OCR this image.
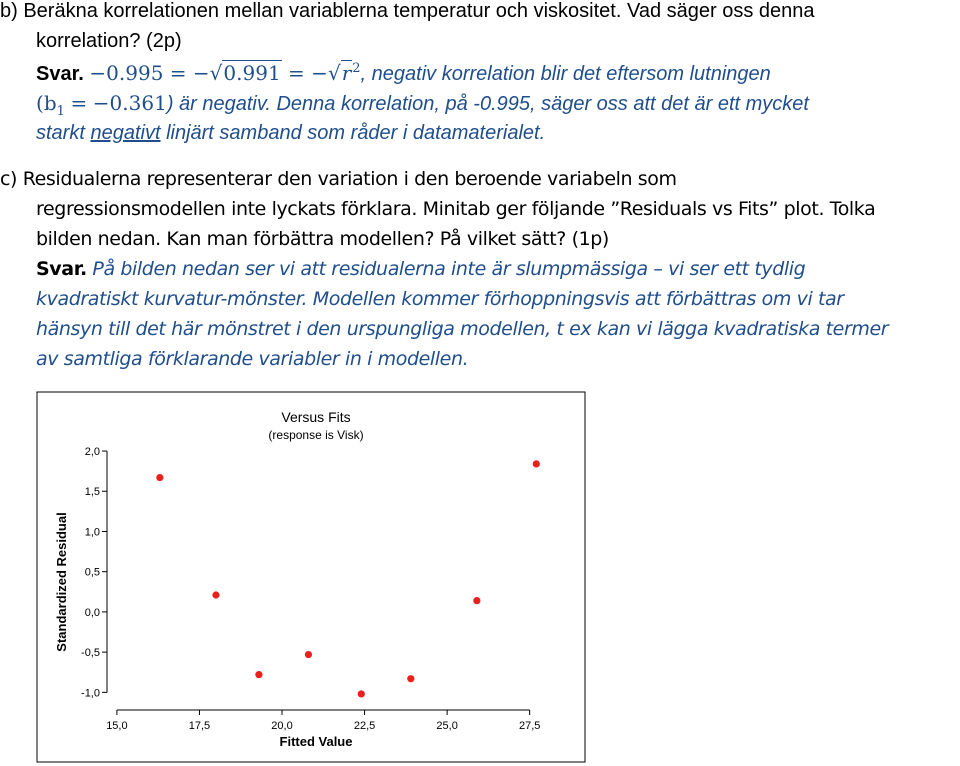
b) Beräkna korrelationen mellan variablerna temperatur och viskositet. Vad säger oss denna
korrelation? (2p)
Svar. $-0.995 = -√0.991 = -√r^2$, negativ korrelation blir det eftersom lutningen
$(b_1 = -0.361)$ är negativ. Denna korrelation, på -0.995, säger oss att det är ett mycket
starkt negativt linjärt samband som råder i datamaterialet.
c) Residualerna representerar den variation i den beroende variabeln som
regressionsmodellen inte lyckats förklara. Minitab ger följande ”Residuals vs Fits” plot. Tolka
bilden nedan. Kan man förbättra modellen? På vilket sätt? (1p)
Svar. På bilden nedan ser vi att residualerna inte är slumpmässiga – vi ser ett tydlig
kvadratiskt kurvatur-mönster. Modellen kommer förhoppningsvis att förbättras om vi tar
hänsyn till det här mönstret i den urspungliga modellen, t ex kan vi lägga kvadratiska termer
av samtliga förklarande variabler in i modellen.
Versus Fits
(response is Visk)
Fitted Value
Standardized Residual
-1,0
-0,5
0,0
0,5
1,0
1,5
2,0
15,0	17,5	20,0	22,5	25,0	27,5
